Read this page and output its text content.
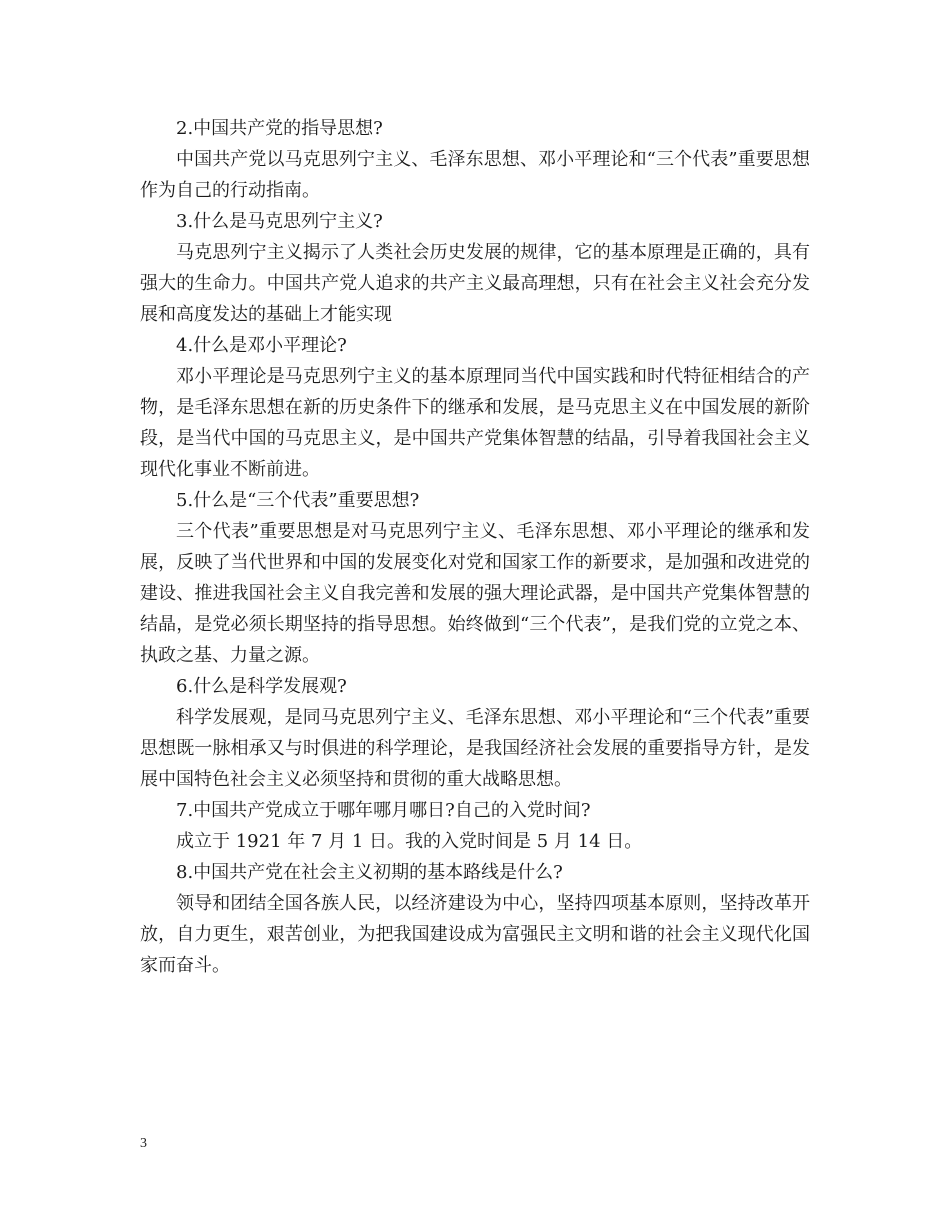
2.中国共产党的指导思想?

中国共产党以马克思列宁主义、毛泽东思想、邓小平理论和“三个代表”重要思想作为自己的行动指南。

3.什么是马克思列宁主义?

马克思列宁主义揭示了人类社会历史发展的规律，它的基本原理是正确的，具有强大的生命力。中国共产党人追求的共产主义最高理想，只有在社会主义社会充分发展和高度发达的基础上才能实现

4.什么是邓小平理论?

邓小平理论是马克思列宁主义的基本原理同当代中国实践和时代特征相结合的产物，是毛泽东思想在新的历史条件下的继承和发展，是马克思主义在中国发展的新阶段，是当代中国的马克思主义，是中国共产党集体智慧的结晶，引导着我国社会主义现代化事业不断前进。

5.什么是“三个代表”重要思想?

三个代表”重要思想是对马克思列宁主义、毛泽东思想、邓小平理论的继承和发展，反映了当代世界和中国的发展变化对党和国家工作的新要求，是加强和改进党的建设、推进我国社会主义自我完善和发展的强大理论武器，是中国共产党集体智慧的结晶，是党必须长期坚持的指导思想。始终做到“三个代表”，是我们党的立党之本、执政之基、力量之源。

6.什么是科学发展观?

科学发展观，是同马克思列宁主义、毛泽东思想、邓小平理论和“三个代表”重要思想既一脉相承又与时俱进的科学理论，是我国经济社会发展的重要指导方针，是发展中国特色社会主义必须坚持和贯彻的重大战略思想。

7.中国共产党成立于哪年哪月哪日?自己的入党时间?

成立于 1921 年 7 月 1 日。我的入党时间是 5 月 14 日。

8.中国共产党在社会主义初期的基本路线是什么?

领导和团结全国各族人民，以经济建设为中心，坚持四项基本原则，坚持改革开放，自力更生，艰苦创业，为把我国建设成为富强民主文明和谐的社会主义现代化国家而奋斗。

3
